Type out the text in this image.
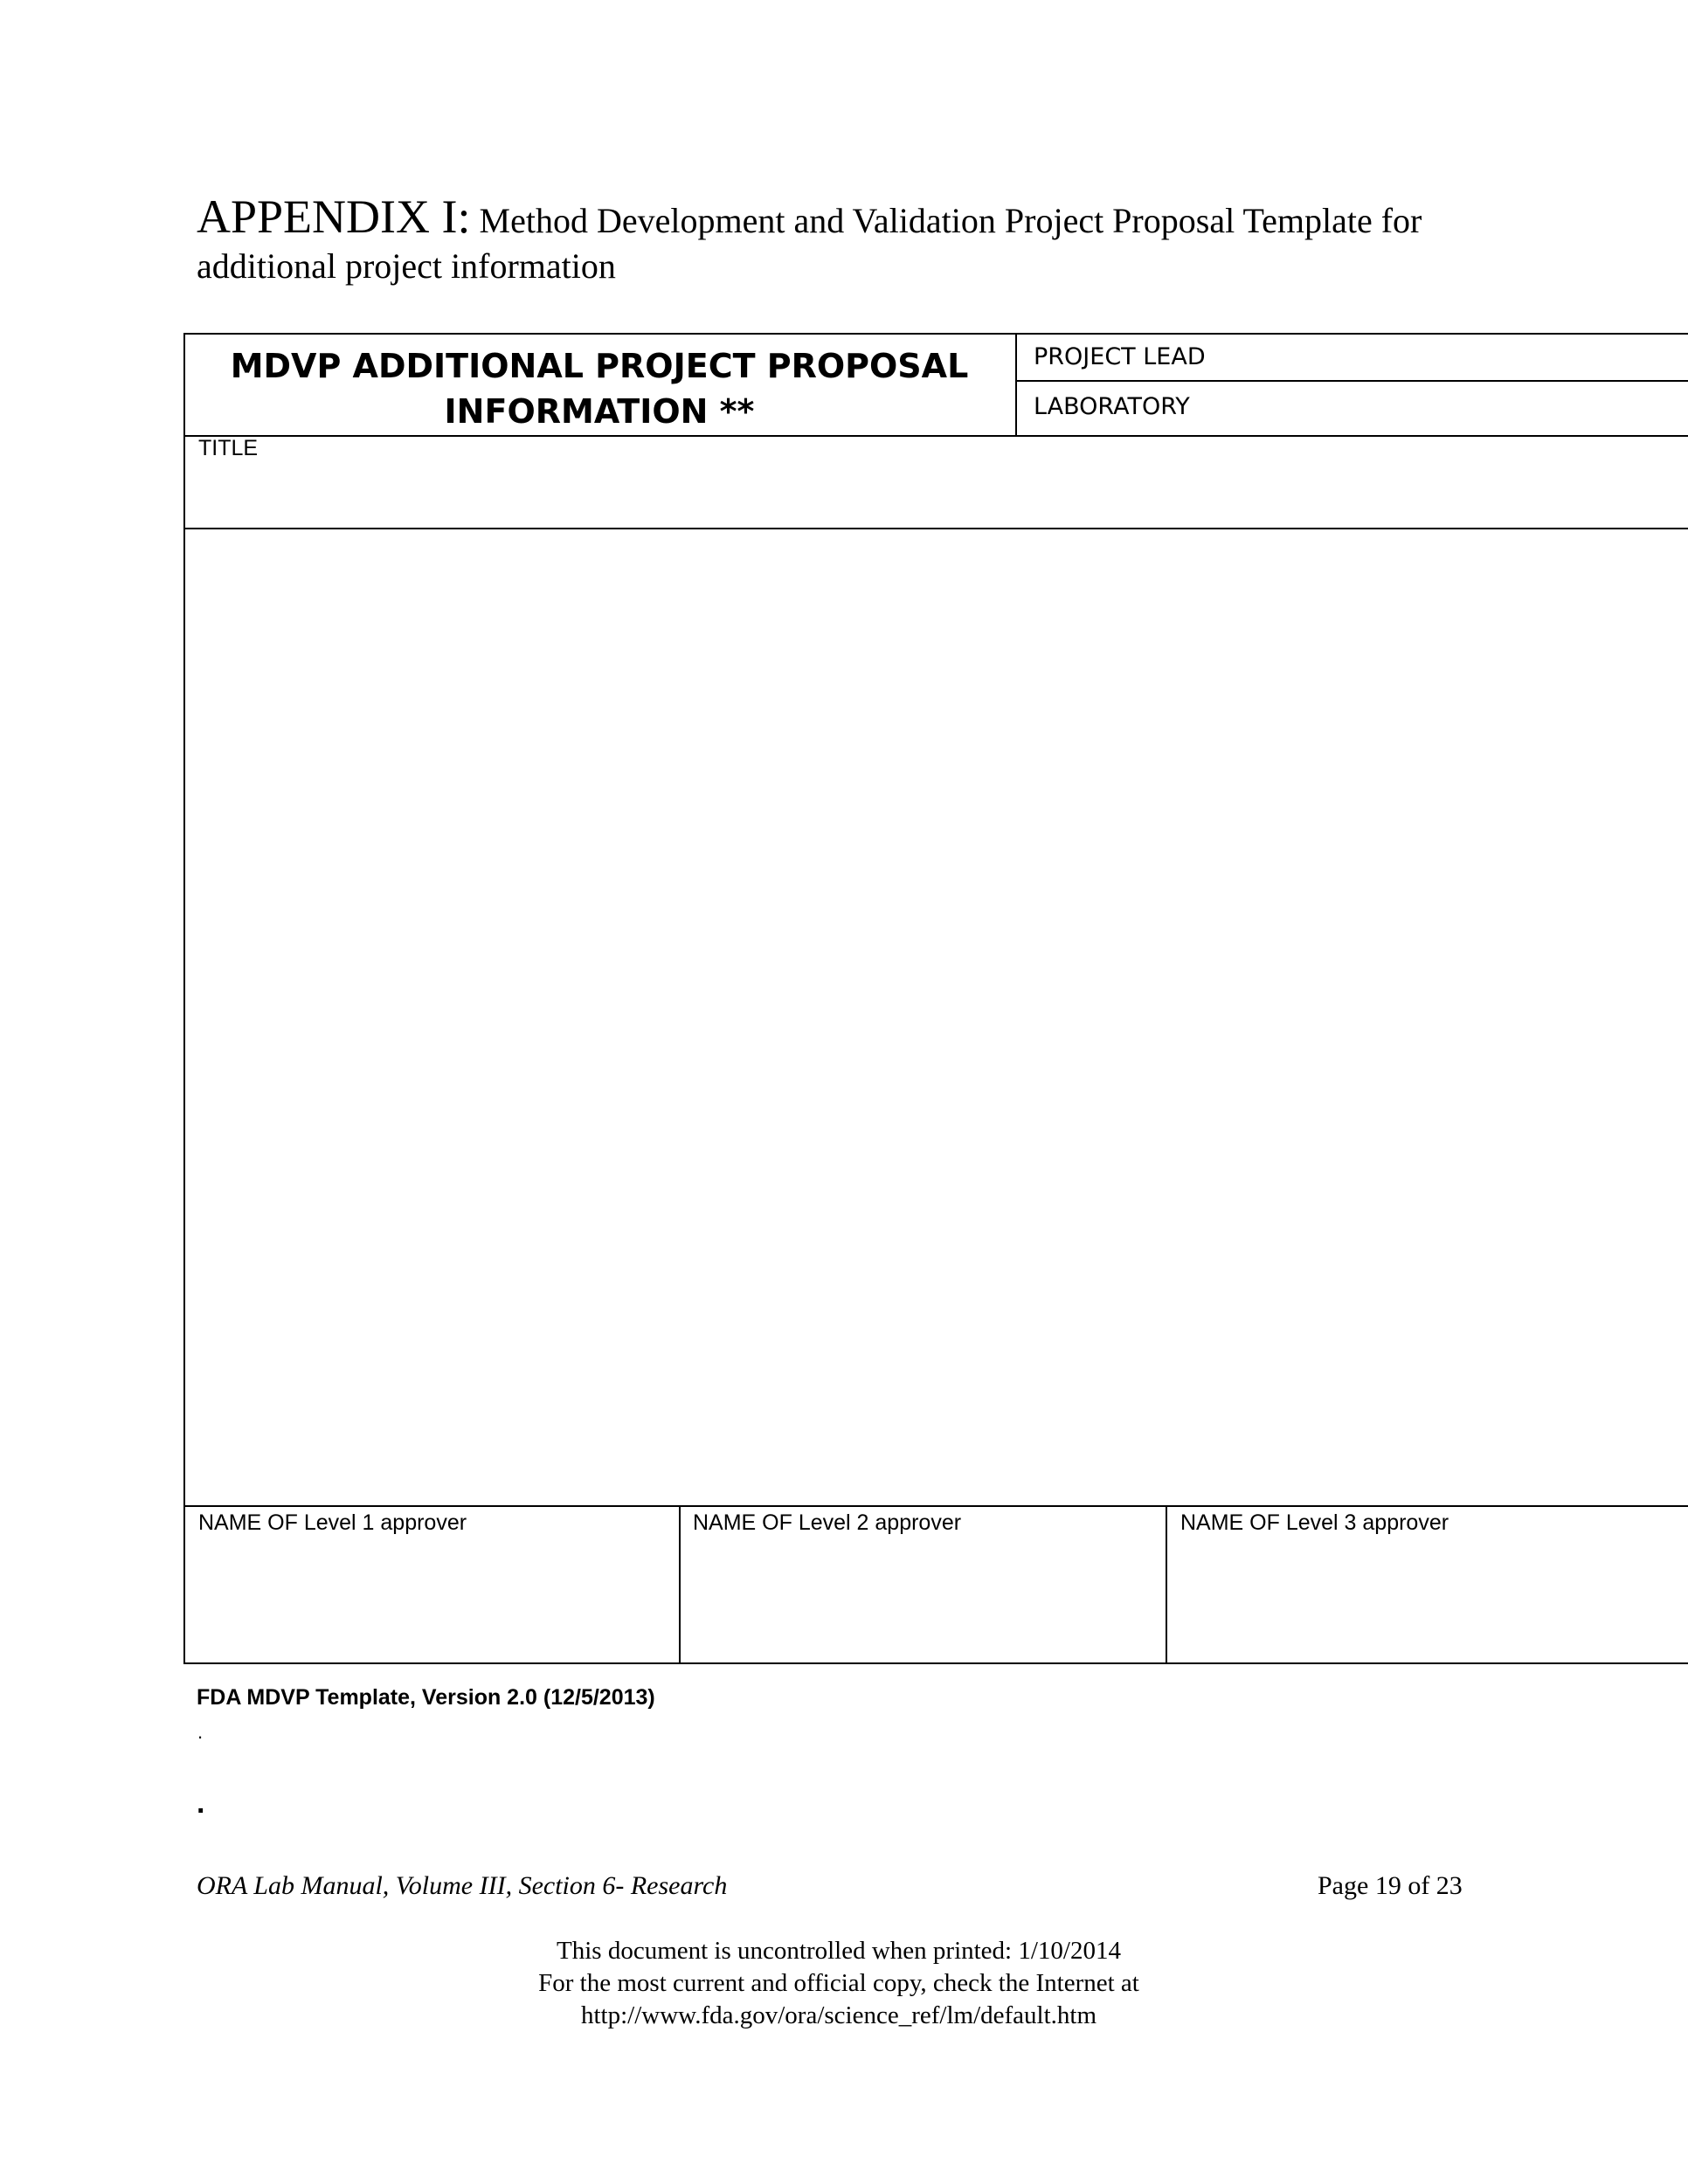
APPENDIX I: Method Development and Validation Project Proposal Template for additional project information
MDVP ADDITIONAL PROJECT PROPOSAL
INFORMATION **
PROJECT LEAD
LABORATORY
TITLE
NAME OF Level 1 approver	NAME OF Level 2 approver	NAME OF Level 3 approver
FDA MDVP Template, Version 2.0 (12/5/2013)
.
.
ORA Lab Manual, Volume III, Section 6- Research	Page 19 of 23
This document is uncontrolled when printed: 1/10/2014
For the most current and official copy, check the Internet at
http://www.fda.gov/ora/science_ref/lm/default.htm
